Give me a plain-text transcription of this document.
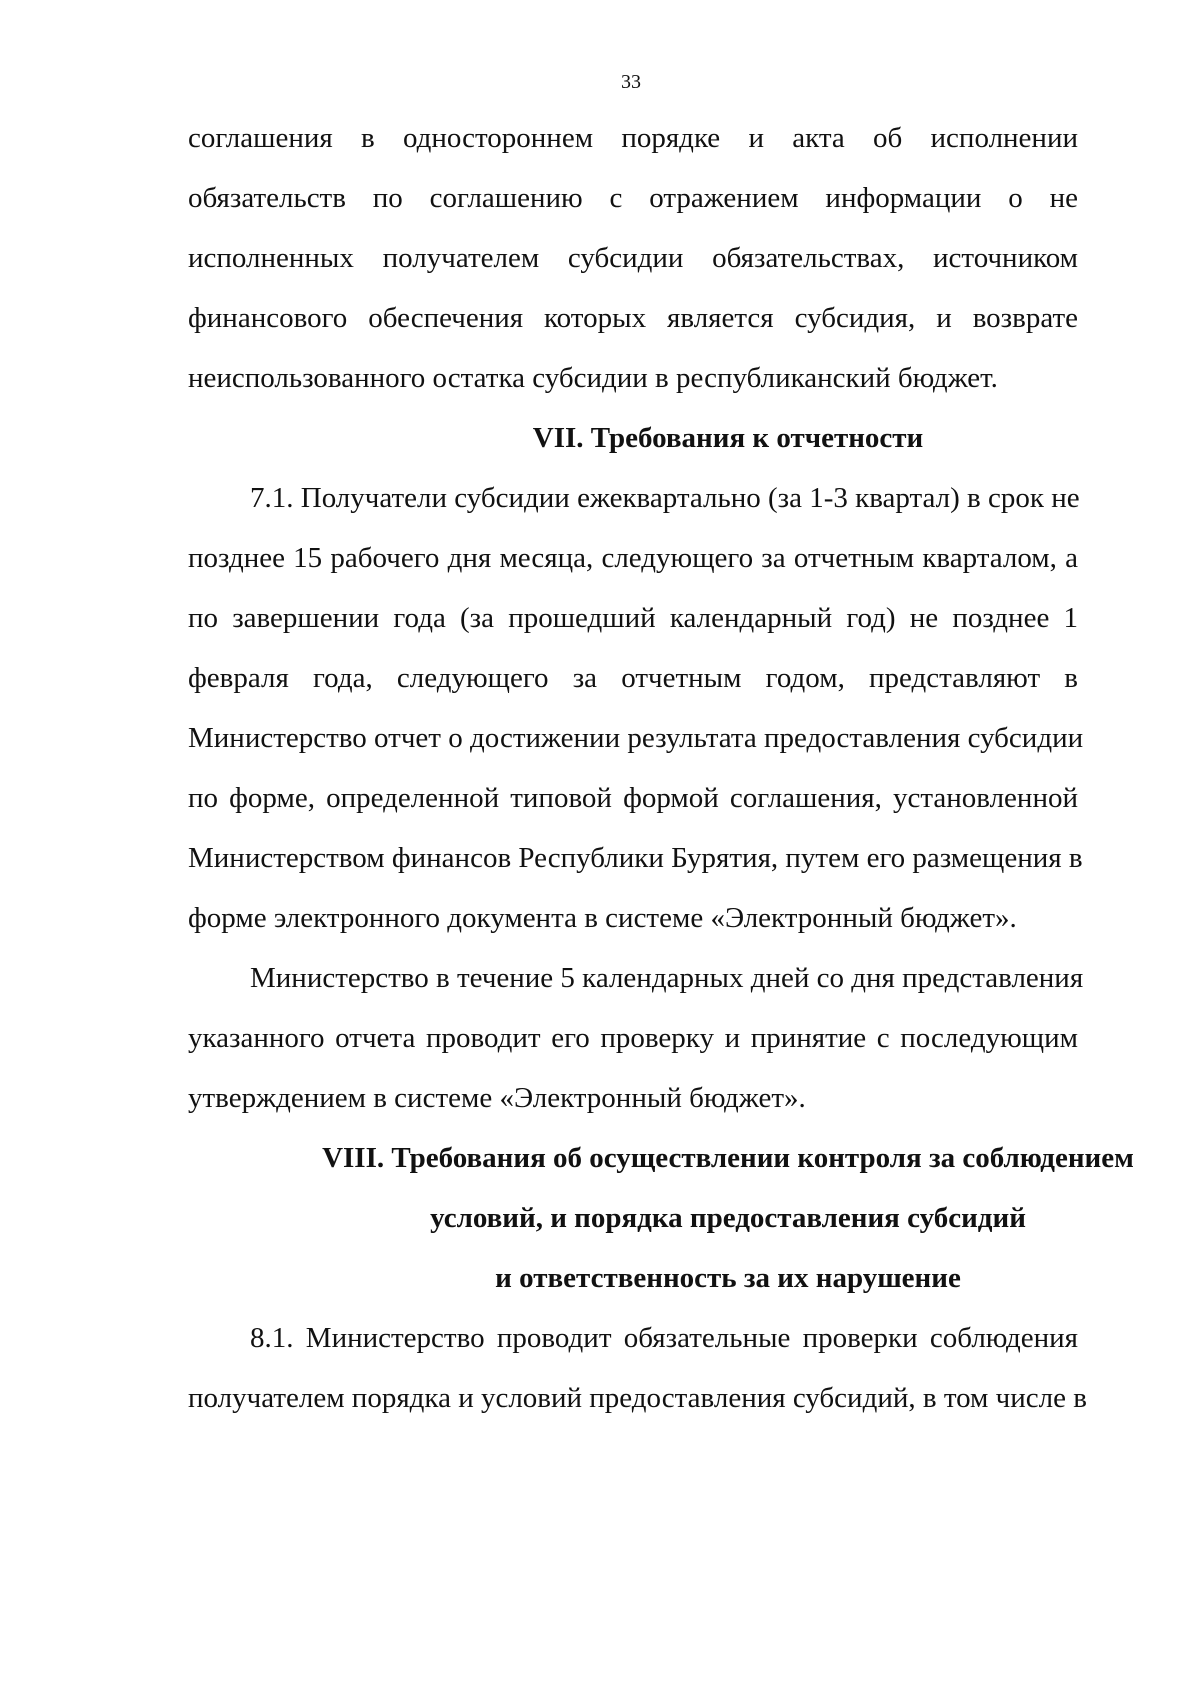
33
соглашения в одностороннем порядке и акта об исполнении
обязательств по соглашению с отражением информации о не
исполненных получателем субсидии обязательствах, источником
финансового обеспечения которых является субсидия, и возврате
неиспользованного остатка субсидии в республиканский бюджет.
VII. Требования к отчетности
7.1. Получатели субсидии ежеквартально (за 1-3 квартал) в срок не
позднее 15 рабочего дня месяца, следующего за отчетным кварталом, а
по завершении года (за прошедший календарный год) не позднее 1
февраля года, следующего за отчетным годом, представляют в
Министерство отчет о достижении результата предоставления субсидии
по форме, определенной типовой формой соглашения, установленной
Министерством финансов Республики Бурятия, путем его размещения в
форме электронного документа в системе «Электронный бюджет».
Министерство в течение 5 календарных дней со дня представления
указанного отчета проводит его проверку и принятие с последующим
утверждением в системе «Электронный бюджет».
VIII. Требования об осуществлении контроля за соблюдением
условий, и порядка предоставления субсидий
и ответственность за их нарушение
8.1. Министерство проводит обязательные проверки соблюдения
получателем порядка и условий предоставления субсидий, в том числе в
